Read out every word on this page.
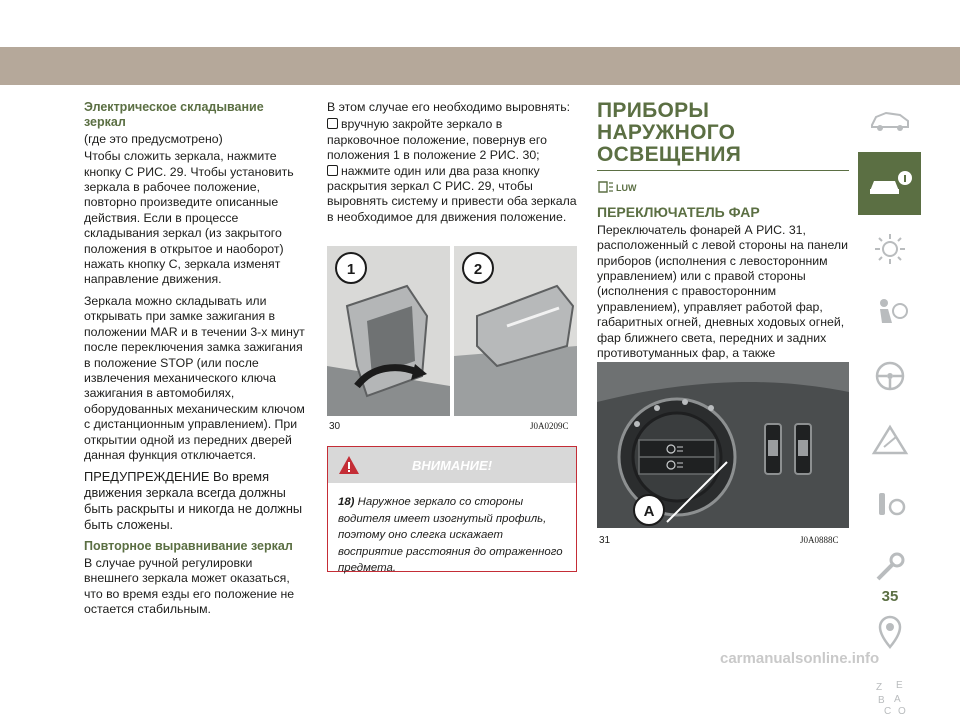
Электрическое складывание зеркал
(где это предусмотрено)
Чтобы сложить зеркала, нажмите кнопку С РИС. 29. Чтобы установить зеркала в рабочее положение, повторно произведите описанные действия. Если в процессе складывания зеркал (из закрытого положения в открытое и наоборот) нажать кнопку С, зеркала изменят направление движения.
Зеркала можно складывать или открывать при замке зажигания в положении MAR и в течении 3-х минут после переключения замка зажигания в положение STOP (или после извлечения механического ключа зажигания в автомобилях, оборудованных механическим ключом с дистанционным управлением). При открытии одной из передних дверей данная функция отключается.
ПРЕДУПРЕЖДЕНИЕ Во время движения зеркала всегда должны быть раскрыты и никогда не должны быть сложены.
Повторное выравнивание зеркал
В случае ручной регулировки внешнего зеркала может оказаться, что во время езды его положение не остается стабильным.
В этом случае его необходимо выровнять:
вручную закройте зеркало в парковочное положение, повернув его положения 1 в положение 2 РИС. 30;
нажмите один или два раза кнопку раскрытия зеркал С РИС. 29, чтобы выровнять систему и привести оба зеркала в необходимое для движения положение.
1	2
30	J0A0209C
ВНИМАНИЕ!
18) Наружное зеркало со стороны водителя имеет изогнутый профиль, поэтому оно слегка искажает восприятие расстояния до отраженного предмета.
ПРИБОРЫ НАРУЖНОГО
ОСВЕЩЕНИЯ
LUW
ПЕРЕКЛЮЧАТЕЛЬ ФАР
Переключатель фонарей А РИС. 31, расположенный с левой стороны на панели приборов (исполнения с левосторонним управлением) или с правой стороны (исполнения с правосторонним управлением), управляет работой фар, габаритных огней, дневных ходовых огней, фар ближнего света, передних и задних противотуманных фар, а также
A
31	J0A0888C
Z E
B A
C O
35
carmanualsonline.info
